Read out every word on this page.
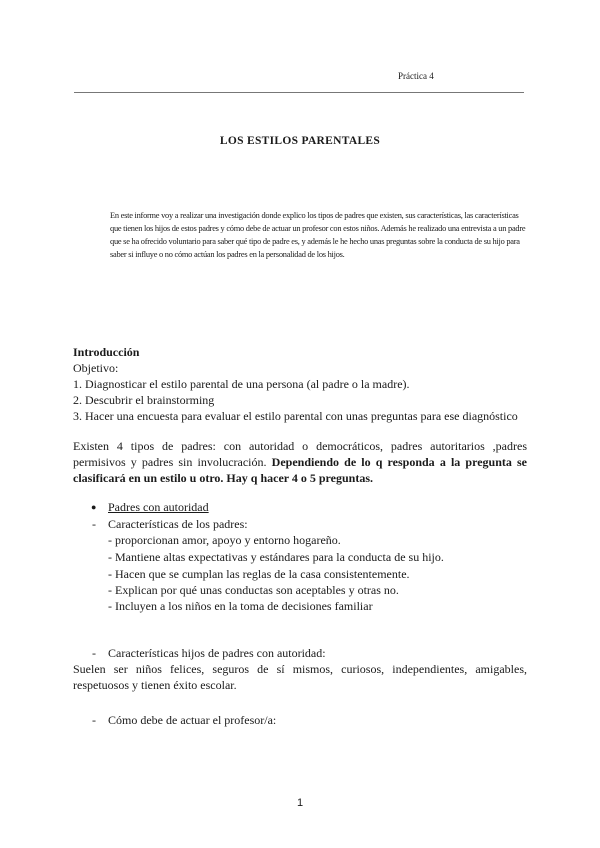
Práctica 4
LOS ESTILOS PARENTALES
En este informe voy a realizar una investigación donde explico los tipos de padres que existen, sus características, las características que tienen los hijos de estos padres y cómo debe de actuar un profesor con estos niños. Además he realizado una entrevista a un padre que se ha ofrecido voluntario para saber qué tipo de padre es, y además le he hecho unas preguntas sobre la conducta de su hijo para saber si influye o no cómo actúan los padres en la personalidad de los hijos.
Introducción
Objetivo:
1. Diagnosticar el estilo parental de una persona (al padre o la madre).
2. Descubrir el brainstorming
3. Hacer una encuesta para evaluar el estilo parental con unas preguntas para ese diagnóstico
Existen 4 tipos de padres: con autoridad o democráticos, padres autoritarios ,padres permisivos y padres sin involucración. Dependiendo de lo q responda a la pregunta se clasificará en un estilo u otro. Hay q hacer 4 o 5 preguntas.
● Padres con autoridad
- Características de los padres:
- proporcionan amor, apoyo y entorno hogareño.
- Mantiene altas expectativas y estándares para la conducta de su hijo.
- Hacen que se cumplan las reglas de la casa consistentemente.
- Explican por qué unas conductas son aceptables y otras no.
- Incluyen a los niños en la toma de decisiones familiar
- Características hijos de padres con autoridad:
Suelen ser niños felices, seguros de sí mismos, curiosos, independientes, amigables, respetuosos y tienen éxito escolar.
- Cómo debe de actuar el profesor/a:
1
